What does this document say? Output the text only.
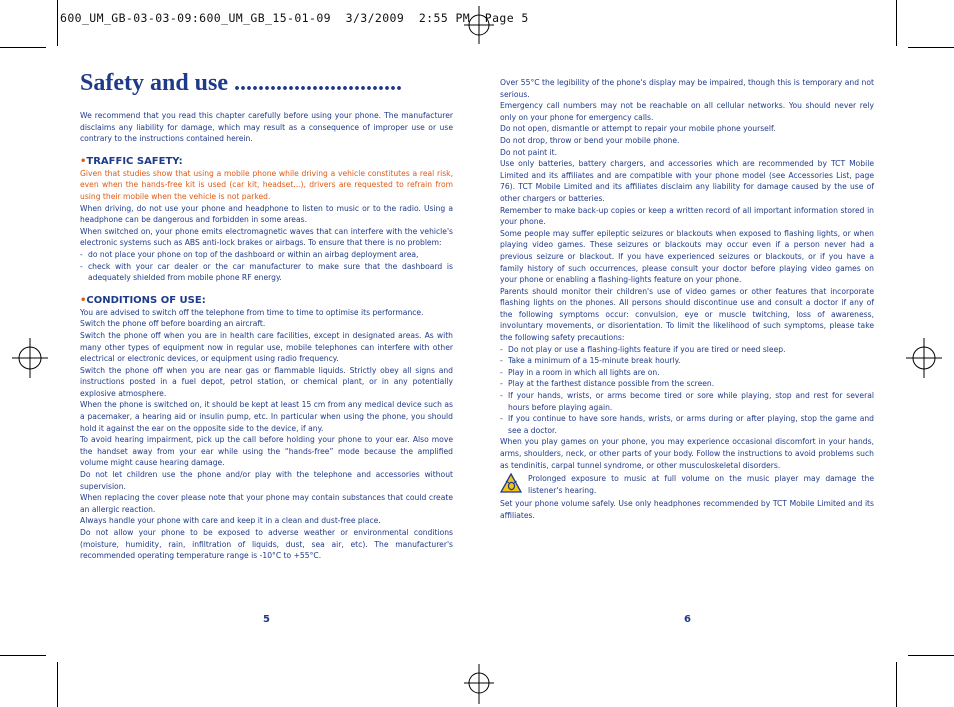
600_UM_GB-03-03-09:600_UM_GB_15-01-09  3/3/2009  2:55 PM  Page 5
Safety and use ............................

We recommend that you read this chapter carefully before using your phone. The manufacturer disclaims any liability for damage, which may result as a consequence of improper use or use contrary to the instructions contained herein.

•TRAFFIC SAFETY:

Given that studies show that using a mobile phone while driving a vehicle constitutes a real risk, even when the hands-free kit is used (car kit, headset...), drivers are requested to refrain from using their mobile when the vehicle is not parked.

When driving, do not use your phone and headphone to listen to music or to the radio. Using a headphone can be dangerous and forbidden in some areas.

When switched on, your phone emits electromagnetic waves that can interfere with the vehicle's electronic systems such as ABS anti-lock brakes or airbags. To ensure that there is no problem:

- do not place your phone on top of the dashboard or within an airbag deployment area,
- check with your car dealer or the car manufacturer to make sure that the dashboard is adequately shielded from mobile phone RF energy.
•CONDITIONS OF USE:

You are advised to switch off the telephone from time to time to optimise its performance.

Switch the phone off before boarding an aircraft.

Switch the phone off when you are in health care facilities, except in designated areas. As with many other types of equipment now in regular use, mobile telephones can interfere with other electrical or electronic devices, or equipment using radio frequency.

Switch the phone off when you are near gas or flammable liquids. Strictly obey all signs and instructions posted in a fuel depot, petrol station, or chemical plant, or in any potentially explosive atmosphere.

When the phone is switched on, it should be kept at least 15 cm from any medical device such as a pacemaker, a hearing aid or insulin pump, etc. In particular when using the phone, you should hold it against the ear on the opposite side to the device, if any.

To avoid hearing impairment, pick up the call before holding your phone to your ear. Also move the handset away from your ear while using the “hands-free” mode because the amplified volume might cause hearing damage.

Do not let children use the phone and/or play with the telephone and accessories without supervision.

When replacing the cover please note that your phone may contain substances that could create an allergic reaction.

Always handle your phone with care and keep it in a clean and dust-free place.

Do not allow your phone to be exposed to adverse weather or environmental conditions (moisture, humidity, rain, infiltration of liquids, dust, sea air, etc). The manufacturer's recommended operating temperature range is -10°C to +55°C.

Over 55°C the legibility of the phone's display may be impaired, though this is temporary and not serious.

Emergency call numbers may not be reachable on all cellular networks. You should never rely only on your phone for emergency calls.

Do not open, dismantle or attempt to repair your mobile phone yourself.

Do not drop, throw or bend your mobile phone.

Do not paint it.

Use only batteries, battery chargers, and accessories which are recommended by TCT Mobile Limited and its affiliates and are compatible with your phone model (see Accessories List, page 76). TCT Mobile Limited and its affiliates disclaim any liability for damage caused by the use of other chargers or batteries.

Remember to make back-up copies or keep a written record of all important information stored in your phone.

Some people may suffer epileptic seizures or blackouts when exposed to flashing lights, or when playing video games. These seizures or blackouts may occur even if a person never had a previous seizure or blackout. If you have experienced seizures or blackouts, or if you have a family history of such occurrences, please consult your doctor before playing video games on your phone or enabling a flashing-lights feature on your phone.

Parents should monitor their children's use of video games or other features that incorporate flashing lights on the phones. All persons should discontinue use and consult a doctor if any of the following symptoms occur: convulsion, eye or muscle twitching, loss of awareness, involuntary movements, or disorientation. To limit the likelihood of such symptoms, please take the following safety precautions:

- Do not play or use a flashing-lights feature if you are tired or need sleep.
- Take a minimum of a 15-minute break hourly.
- Play in a room in which all lights are on.
- Play at the farthest distance possible from the screen.
- If your hands, wrists, or arms become tired or sore while playing, stop and rest for several hours before playing again.
- If you continue to have sore hands, wrists, or arms during or after playing, stop the game and see a doctor.

When you play games on your phone, you may experience occasional discomfort in your hands, arms, shoulders, neck, or other parts of your body. Follow the instructions to avoid problems such as tendinitis, carpal tunnel syndrome, or other musculoskeletal disorders.

Prolonged exposure to music at full volume on the music player may damage the listener's hearing.

Set your phone volume safely. Use only headphones recommended by TCT Mobile Limited and its affiliates.

5	6
